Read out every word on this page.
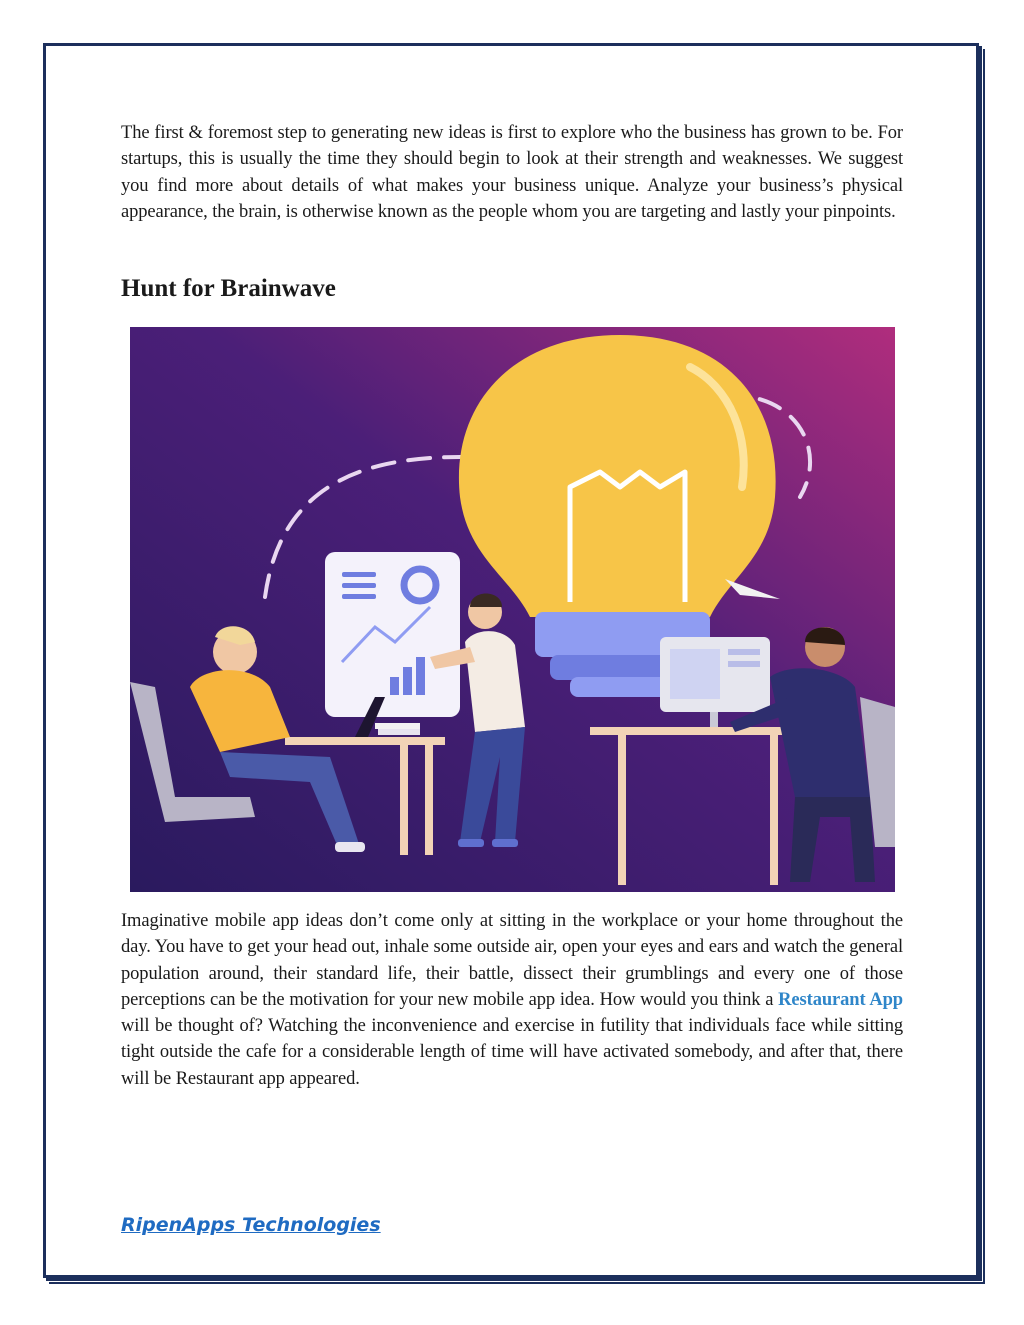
The first & foremost step to generating new ideas is first to explore who the business has grown to be. For startups, this is usually the time they should begin to look at their strength and weaknesses. We suggest you find more about details of what makes your business unique. Analyze your business’s physical appearance, the brain, is otherwise known as the people whom you are targeting and lastly your pinpoints.

Hunt for Brainwave

Imaginative mobile app ideas don’t come only at sitting in the workplace or your home throughout the day. You have to get your head out, inhale some outside air, open your eyes and ears and watch the general population around, their standard life, their battle, dissect their grumblings and every one of those perceptions can be the motivation for your new mobile app idea. How would you think a Restaurant App will be thought of? Watching the inconvenience and exercise in futility that individuals face while sitting tight outside the cafe for a considerable length of time will have activated somebody, and after that, there will be Restaurant app appeared.

RipenApps Technologies
